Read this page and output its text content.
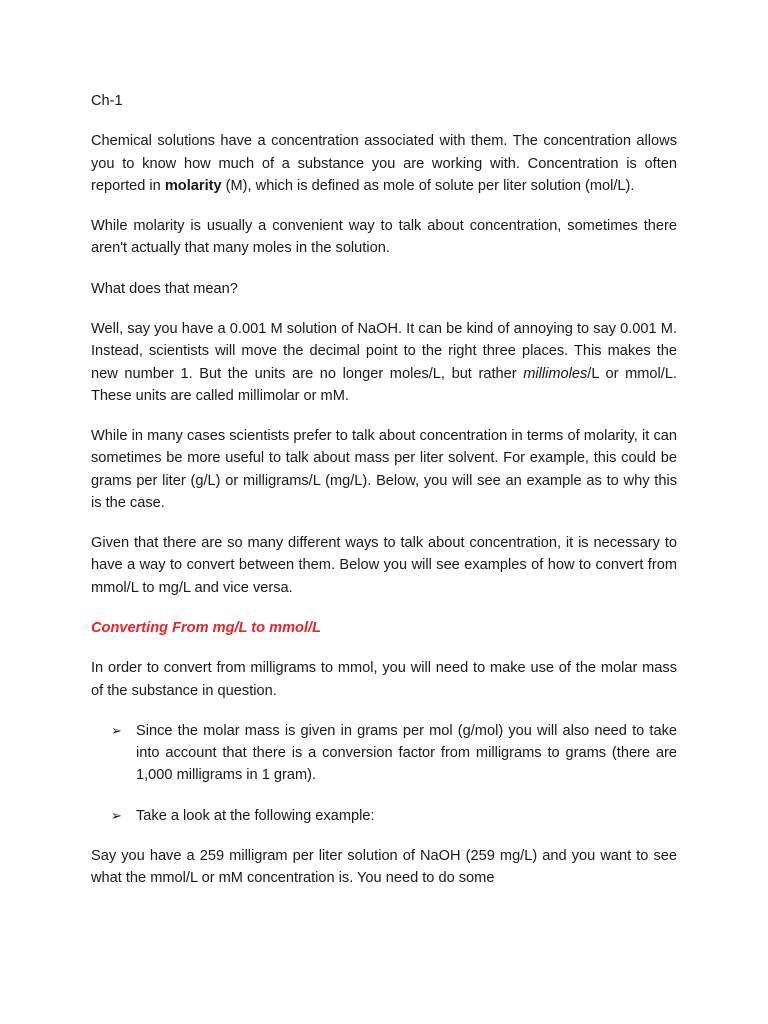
Ch-1

Chemical solutions have a concentration associated with them. The concentration allows you to know how much of a substance you are working with. Concentration is often reported in molarity (M), which is defined as mole of solute per liter solution (mol/L).

While molarity is usually a convenient way to talk about concentration, sometimes there aren't actually that many moles in the solution.

What does that mean?

Well, say you have a 0.001 M solution of NaOH. It can be kind of annoying to say 0.001 M. Instead, scientists will move the decimal point to the right three places. This makes the new number 1. But the units are no longer moles/L, but rather millimoles/L or mmol/L. These units are called millimolar or mM.

While in many cases scientists prefer to talk about concentration in terms of molarity, it can sometimes be more useful to talk about mass per liter solvent. For example, this could be grams per liter (g/L) or milligrams/L (mg/L). Below, you will see an example as to why this is the case.

Given that there are so many different ways to talk about concentration, it is necessary to have a way to convert between them. Below you will see examples of how to convert from mmol/L to mg/L and vice versa.

Converting From mg/L to mmol/L

In order to convert from milligrams to mmol, you will need to make use of the molar mass of the substance in question.

➢ Since the molar mass is given in grams per mol (g/mol) you will also need to take into account that there is a conversion factor from milligrams to grams (there are 1,000 milligrams in 1 gram).
➢ Take a look at the following example:

Say you have a 259 milligram per liter solution of NaOH (259 mg/L) and you want to see what the mmol/L or mM concentration is. You need to do some
